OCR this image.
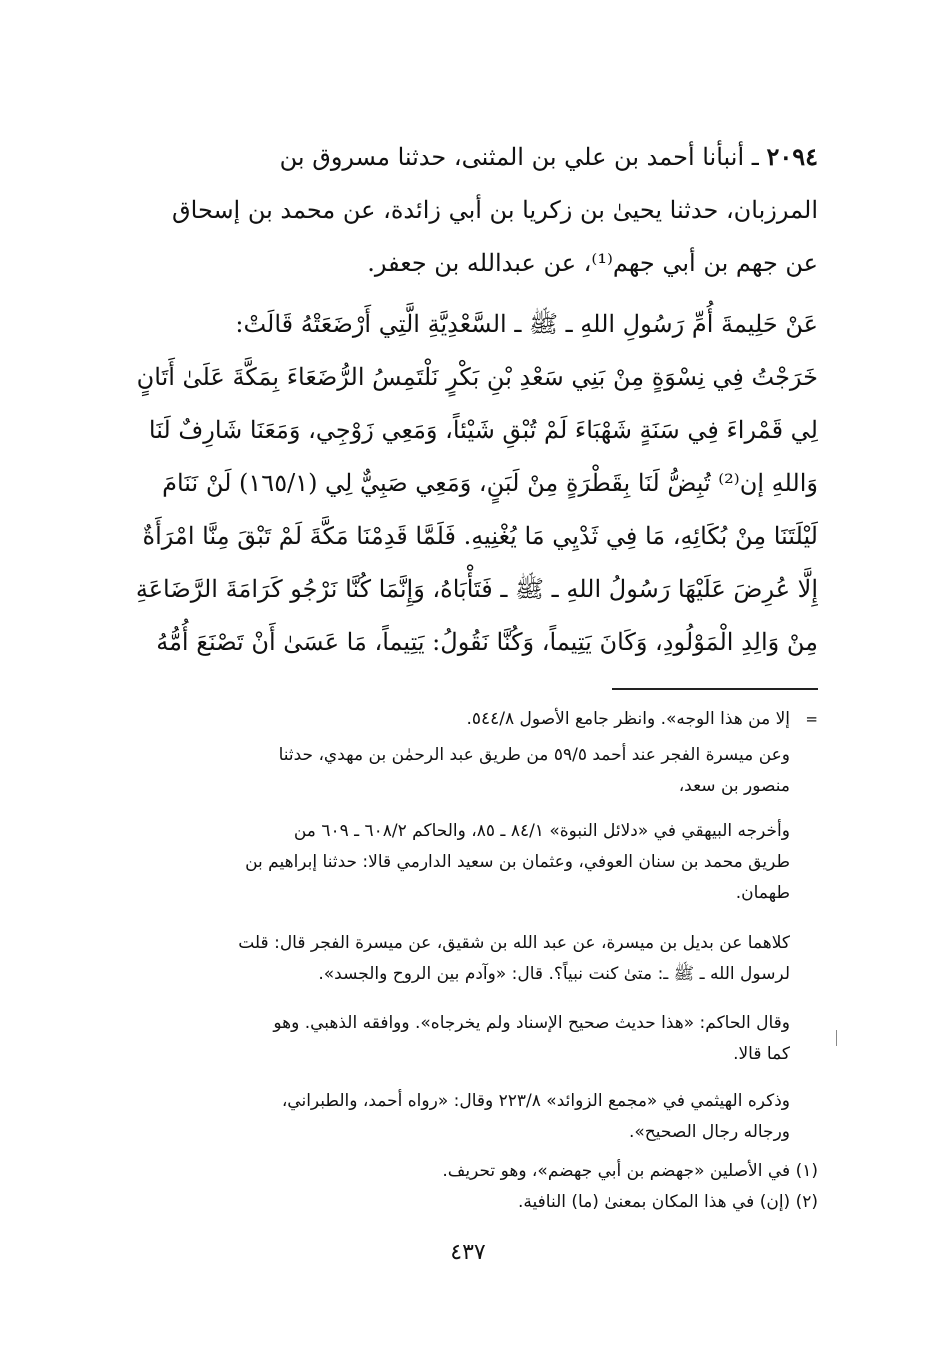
٢٠٩٤ ـ أنبأنا أحمد بن علي بن المثنى، حدثنا مسروق بن
المرزبان، حدثنا يحيىٰ بن زكريا بن أبي زائدة، عن محمد بن إسحاق
عن جهم بن أبي جهم⁽¹⁾، عن عبدالله بن جعفر.
عَنْ حَلِيمةَ أُمِّ رَسُولِ اللهِ ـ ﷺ ـ السَّعْدِيَّةِ الَّتِي أَرْضَعَتْهُ قَالَتْ:
خَرَجْتُ فِي نِسْوَةٍ مِنْ بَنِي سَعْدِ بْنِ بَكْرٍ نَلْتَمِسُ الرُّضَعَاءَ بِمَكَّةَ عَلَىٰ أَتَانٍ
لِي قَمْراءَ فِي سَنَةٍ شَهْبَاءَ لَمْ تُبْقِ شَيْئاً، وَمَعِي زَوْجِي، وَمَعَنَا شَارِفٌ لَنَا
وَاللهِ إن⁽²⁾ تُبِضُّ لَنَا بِقَطْرَةٍ مِنْ لَبَنٍ، وَمَعِي صَبِيٌّ لِي (١٦٥/١) لَنْ نَنَامَ
لَيْلَتَنَا مِنْ بُكَائِهِ، مَا فِي ثَدْيِي مَا يُغْنِيهِ. فَلَمَّا قَدِمْنَا مَكَّةَ لَمْ تَبْقَ مِنَّا امْرَأَةٌ
إِلَّا عُرِضَ عَلَيْهَا رَسُولُ اللهِ ـ ﷺ ـ فَتَأْبَاهُ، وَإِنَّمَا كُنَّا نَرْجُو كَرَامَةَ الرَّضَاعَةِ
مِنْ وَالِدِ الْمَوْلُودِ، وَكَانَ يَتِيماً، وَكُنَّا نَقُولُ: يَتِيماً، مَا عَسَىٰ أَنْ تَصْنَعَ أُمُّهُ
=
إلا من هذا الوجه». وانظر جامع الأصول ٥٤٤/٨.
وعن ميسرة الفجر عند أحمد ٥٩/٥ من طريق عبد الرحمٰن بن مهدي، حدثنا
منصور بن سعد،
وأخرجه البيهقي في «دلائل النبوة» ٨٤/١ ـ ٨٥، والحاكم ٦٠٨/٢ ـ ٦٠٩ من
طريق محمد بن سنان العوفي، وعثمان بن سعيد الدارمي قالا: حدثنا إبراهيم بن
طهمان.
كلاهما عن بديل بن ميسرة، عن عبد الله بن شقيق، عن ميسرة الفجر قال: قلت
لرسول الله ـ ﷺ ـ: متىٰ كنت نبياً؟. قال: «وآدم بين الروح والجسد».
وقال الحاكم: «هذا حديث صحيح الإسناد ولم يخرجاه». ووافقه الذهبي. وهو
كما قالا.
وذكره الهيثمي في «مجمع الزوائد» ٢٢٣/٨ وقال: «رواه أحمد، والطبراني،
ورجاله رجال الصحيح».
(١) في الأصلين «جهضم بن أبي جهضم»، وهو تحريف.
(٢) (إن) في هذا المكان بمعنىٰ (ما) النافية.
٤٣٧
